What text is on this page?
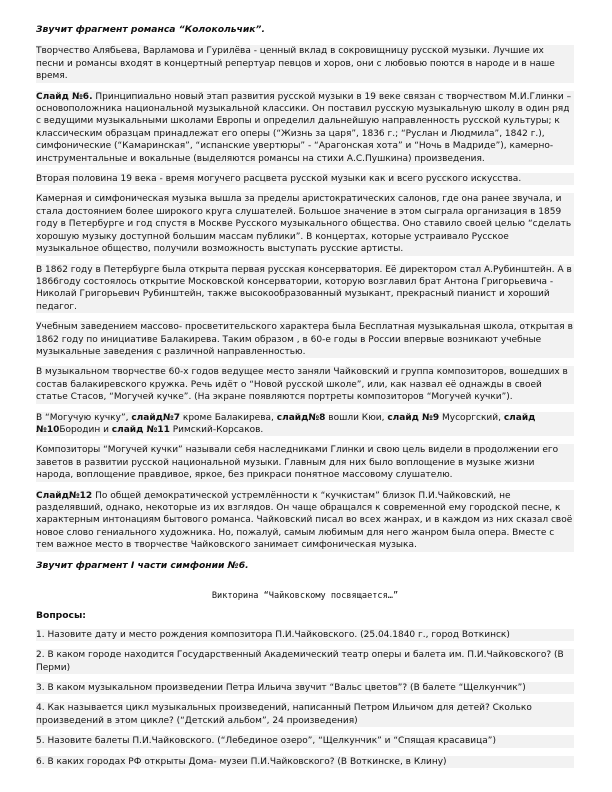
Звучит фрагмент романса “Колокольчик”.

Творчество Алябьева, Варламова и Гурилёва - ценный вклад в сокровищницу русской музыки. Лучшие их песни и романсы входят в концертный репертуар певцов и хоров, они с любовью поются в народе и в наше время.

Слайд №6. Принципиально новый этап развития русской музыки в 19 веке связан с творчеством М.И.Глинки – основоположника национальной музыкальной классики. Он поставил русскую музыкальную школу в один ряд с ведущими музыкальными школами Европы и определил дальнейшую направленность русской культуры; к классическим образцам принадлежат его оперы (“Жизнь за царя”, 1836 г.; “Руслан и Людмила”, 1842 г.), симфонические (“Камаринская”, “испанские увертюры” - “Арагонская хота” и “Ночь в Мадриде”), камерно-инструментальные и вокальные (выделяются романсы на стихи А.С.Пушкина) произведения.

Вторая половина 19 века - время могучего расцвета русской музыки как и всего русского искусства.

Камерная и симфоническая музыка вышла за пределы аристократических салонов, где она ранее звучала, и стала достоянием более широкого круга слушателей. Большое значение в этом сыграла организация в 1859 году в Петербурге и год спустя в Москве Русского музыкального общества. Оно ставило своей целью “сделать хорошую музыку доступной большим массам публики”. В концертах, которые устраивало Русское музыкальное общество, получили возможность выступать русские артисты.

В 1862 году в Петербурге была открыта первая русская консерватория. Её директором стал А.Рубинштейн. А в 1866году состоялось открытие Московской консерватории, которую возглавил брат Антона Григорьевича - Николай Григорьевич Рубинштейн, также высокообразованный музыкант, прекрасный пианист и хороший педагог.

Учебным заведением массово- просветительского характера была Бесплатная музыкальная школа, открытая в 1862 году по инициативе Балакирева. Таким образом , в 60-е годы в России впервые возникают учебные музыкальные заведения с различной направленностью.

В музыкальном творчестве 60-х годов ведущее место заняли Чайковский и группа композиторов, вошедших в состав балакиревского кружка. Речь идёт о “Новой русской школе”, или, как назвал её однажды в своей статье Стасов, “Могучей кучке”. (На экране появляются портреты композиторов “Могучей кучки”).

В “Могучую кучку”, слайд№7 кроме Балакирева, слайд№8 вошли Кюи, слайд №9 Мусоргский, слайд №10Бородин и слайд №11 Римский-Корсаков.

Композиторы “Могучей кучки” называли себя наследниками Глинки и свою цель видели в продолжении его заветов в развитии русской национальной музыки. Главным для них было воплощение в музыке жизни народа, воплощение правдивое, яркое, без прикраси понятное массовому слушателю.

Слайд№12 По общей демократической устремлённости к “кучкистам” близок П.И.Чайковский, не разделявший, однако, некоторые из их взглядов. Он чаще обращался к современной ему городской песне, к характерным интонациям бытового романса. Чайковский писал во всех жанрах, и в каждом из них сказал своё новое слово гениального художника. Но, пожалуй, самым любимым для него жанром была опера. Вместе с тем важное место в творчестве Чайковского занимает симфоническая музыка.

Звучит фрагмент I части симфонии №6.

Викторина “Чайковскому посвящается…”

Вопросы:

1. Назовите дату и место рождения композитора П.И.Чайковского. (25.04.1840 г., город Воткинск)

2. В каком городе находится Государственный Академический театр оперы и балета им. П.И.Чайковского? (В Перми)

3. В каком музыкальном произведении Петра Ильича звучит “Вальс цветов”? (В балете “Щелкунчик”)

4. Как называется цикл музыкальных произведений, написанный Петром Ильичом для детей? Сколько произведений в этом цикле? (“Детский альбом”, 24 произведения)

5. Назовите балеты П.И.Чайковского. (“Лебединое озеро”, “Щелкунчик” и “Спящая красавица”)

6. В каких городах РФ открыты Дома- музеи П.И.Чайковского? (В Воткинске, в Клину)
